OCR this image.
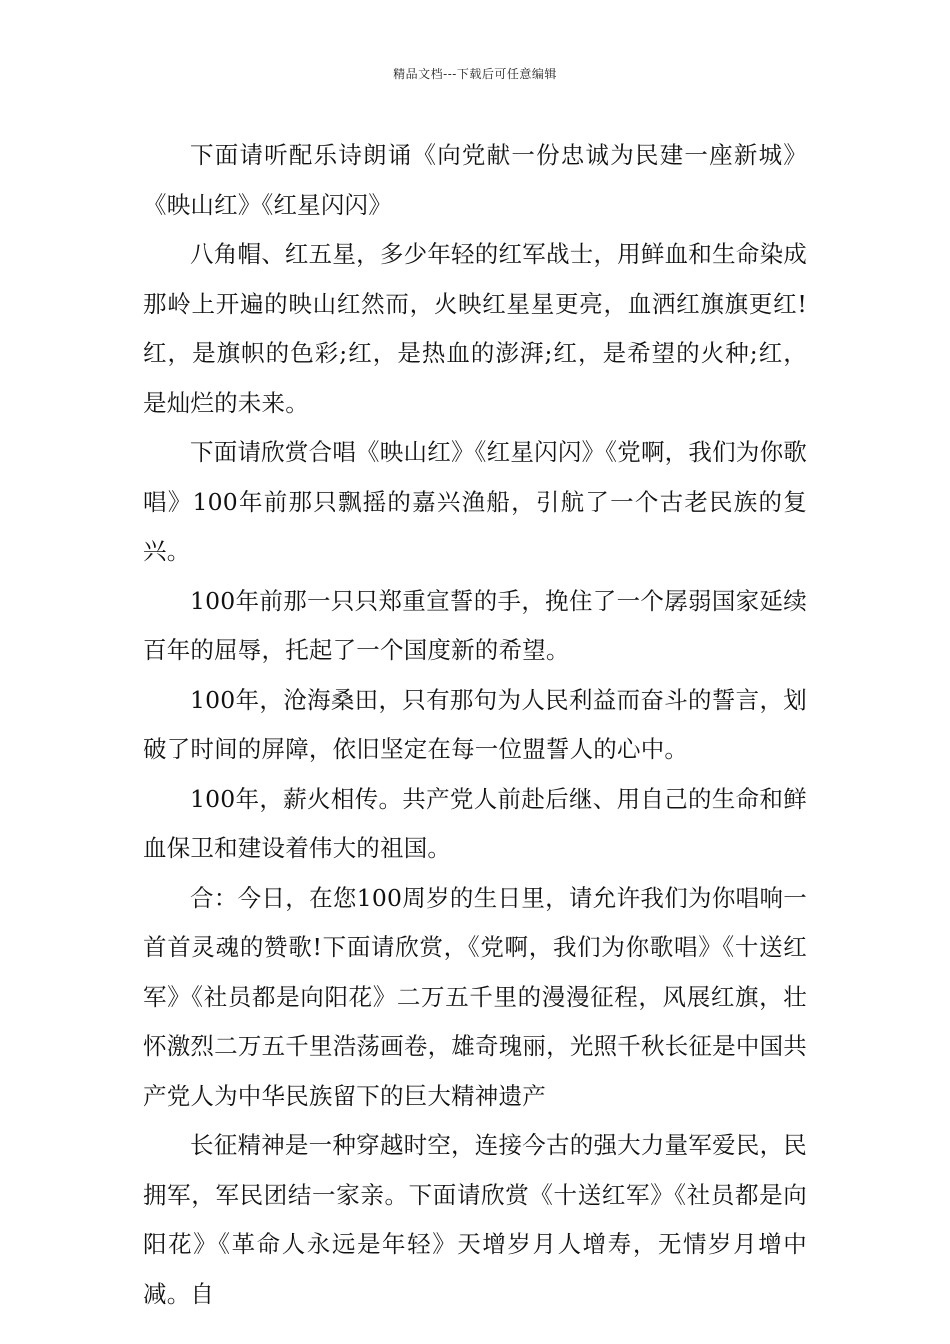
精品文档---下载后可任意编辑

下面请听配乐诗朗诵《向党献一份忠诚为民建一座新城》《映山红》《红星闪闪》

八角帽、红五星，多少年轻的红军战士，用鲜血和生命染成那岭上开遍的映山红然而，火映红星星更亮，血洒红旗旗更红!红，是旗帜的色彩;红，是热血的澎湃;红，是希望的火种;红，是灿烂的未来。

下面请欣赏合唱《映山红》《红星闪闪》《党啊，我们为你歌唱》100年前那只飘摇的嘉兴渔船，引航了一个古老民族的复兴。

100年前那一只只郑重宣誓的手，挽住了一个孱弱国家延续百年的屈辱，托起了一个国度新的希望。

100年，沧海桑田，只有那句为人民利益而奋斗的誓言，划破了时间的屏障，依旧坚定在每一位盟誓人的心中。

100年，薪火相传。共产党人前赴后继、用自己的生命和鲜血保卫和建设着伟大的祖国。

合：今日，在您100周岁的生日里，请允许我们为你唱响一首首灵魂的赞歌!下面请欣赏，《党啊，我们为你歌唱》《十送红军》《社员都是向阳花》二万五千里的漫漫征程，风展红旗，壮怀激烈二万五千里浩荡画卷，雄奇瑰丽，光照千秋长征是中国共产党人为中华民族留下的巨大精神遗产

长征精神是一种穿越时空，连接今古的强大力量军爱民，民拥军，军民团结一家亲。下面请欣赏《十送红军》《社员都是向阳花》《革命人永远是年轻》天增岁月人增寿，无情岁月增中减。自
